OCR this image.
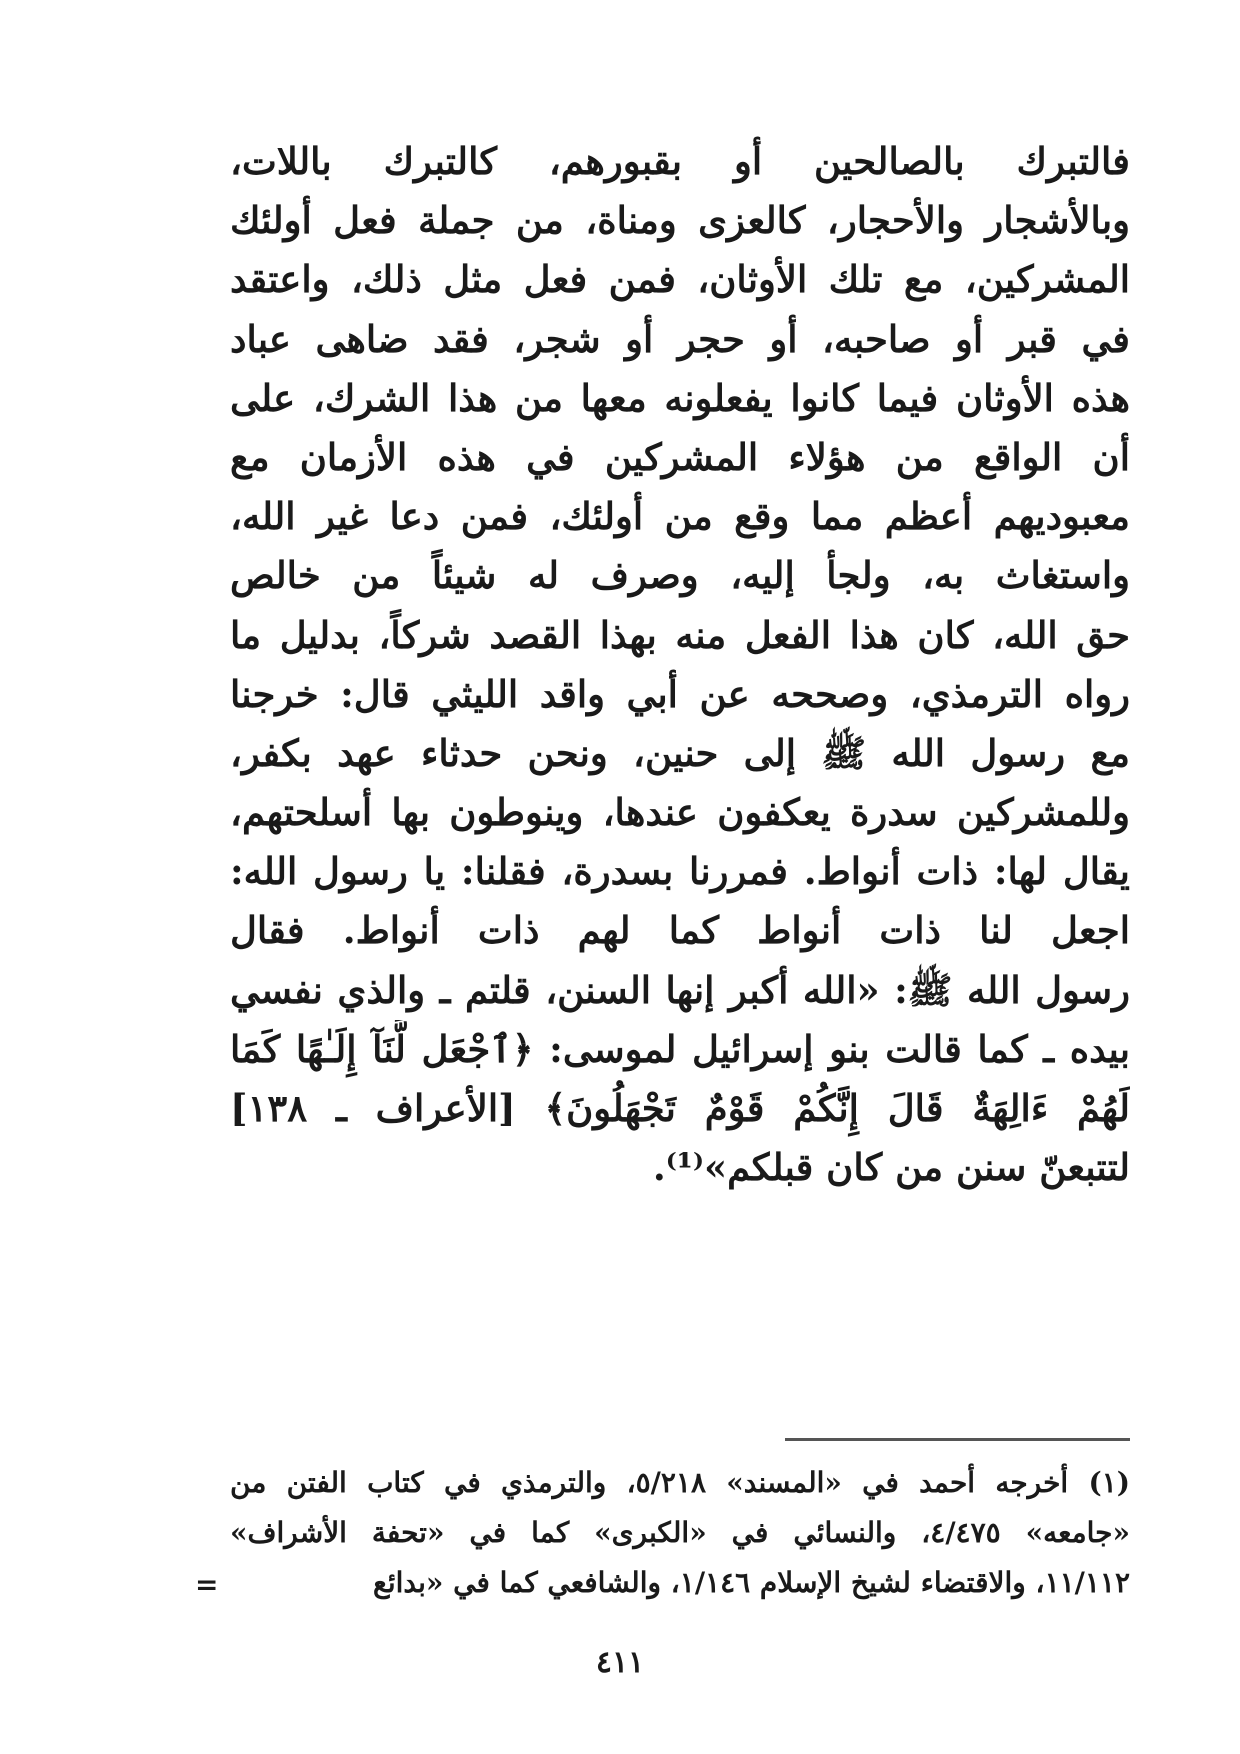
فالتبرك بالصالحين أو بقبورهم، كالتبرك باللات،
وبالأشجار والأحجار، كالعزى ومناة، من جملة فعل أولئك
المشركين، مع تلك الأوثان، فمن فعل مثل ذلك، واعتقد
في قبر أو صاحبه، أو حجر أو شجر، فقد ضاهى عباد
هذه الأوثان فيما كانوا يفعلونه معها من هذا الشرك، على
أن الواقع من هؤلاء المشركين في هذه الأزمان مع
معبوديهم أعظم مما وقع من أولئك، فمن دعا غير الله،
واستغاث به، ولجأ إليه، وصرف له شيئاً من خالص
حق الله، كان هذا الفعل منه بهذا القصد شركاً، بدليل ما
رواه الترمذي، وصححه عن أبي واقد الليثي قال: خرجنا
مع رسول الله ﷺ إلى حنين، ونحن حدثاء عهد بكفر،
وللمشركين سدرة يعكفون عندها، وينوطون بها أسلحتهم،
يقال لها: ذات أنواط. فمررنا بسدرة، فقلنا: يا رسول الله:
اجعل لنا ذات أنواط كما لهم ذات أنواط. فقال
رسول الله ﷺ: «الله أكبر إنها السنن، قلتم ـ والذي نفسي
بيده ـ كما قالت بنو إسرائيل لموسى: ﴿ٱجْعَل لَّنَآ إِلَـٰهًا كَمَا
لَهُمْ ءَالِهَةٌ قَالَ إِنَّكُمْ قَوْمٌ تَجْهَلُونَ﴾ [الأعراف ـ ١٣٨]
لتتبعنّ سنن من كان قبلكم»⁽¹⁾.
(١) أخرجه أحمد في «المسند» ٥/٢١٨، والترمذي في كتاب الفتن من
«جامعه» ٤/٤٧٥، والنسائي في «الكبرى» كما في «تحفة الأشراف»
١١/١١٢، والاقتضاء لشيخ الإسلام ١/١٤٦، والشافعي كما في «بدائع
=
٤١١
